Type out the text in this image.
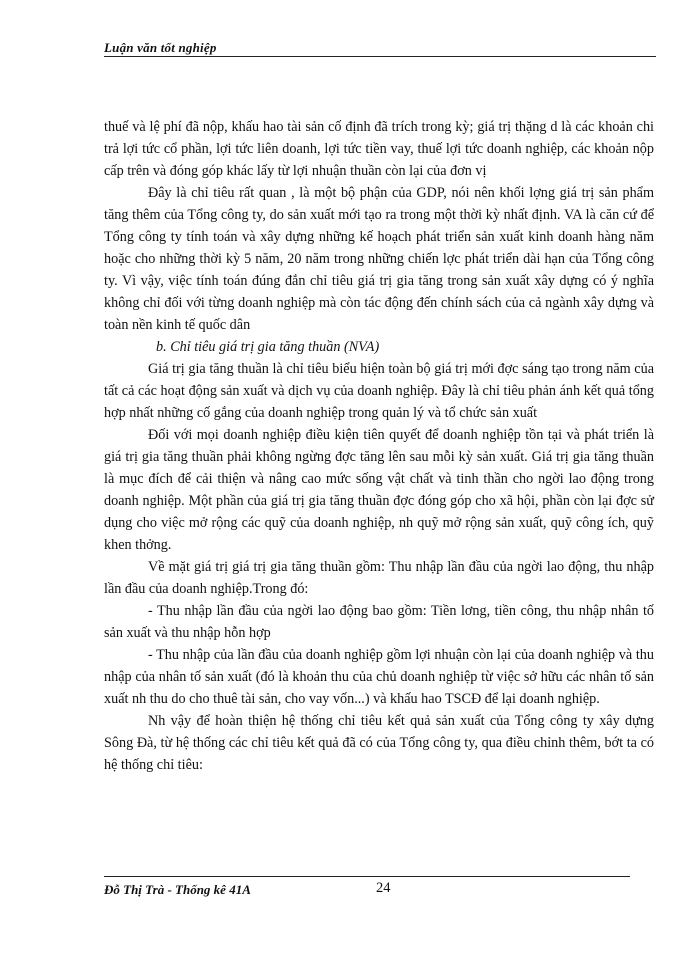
Luận văn tốt nghiệp

thuế và lệ phí đã nộp, khấu hao tài sản cố định đã trích trong kỳ; giá trị thặng d là các khoản chi trả lợi tức cổ phần, lợi tức liên doanh, lợi tức tiền vay, thuế lợi tức doanh nghiệp, các khoản nộp cấp trên và đóng góp khác lấy từ lợi nhuận thuần còn lại của đơn vị

Đây là chỉ tiêu rất quan , là một bộ phận của GDP, nói nên khối lợng giá trị sản phẩm tăng thêm của Tổng công ty, do sản xuất mới tạo ra trong một thời kỳ nhất định. VA là căn cứ để Tổng công ty tính toán và xây dựng những kế hoạch phát triển sản xuất kinh doanh hàng năm hoặc cho những thời kỳ 5 năm, 20 năm trong những chiến lợc phát triển dài hạn của Tổng công ty. Vì vậy, việc tính toán đúng đắn chỉ tiêu giá trị gia tăng trong sản xuất xây dựng có ý nghĩa không chỉ đối với từng doanh nghiệp mà còn tác động đến chính sách của cả ngành xây dựng và toàn nền kinh tế quốc dân

b. Chỉ tiêu giá trị gia tăng thuần (NVA)

Giá trị gia tăng thuần là chỉ tiêu biểu hiện toàn bộ giá trị mới đợc sáng tạo trong năm của tất cả các hoạt động sản xuất và dịch vụ của doanh nghiệp. Đây là chỉ tiêu phản ánh kết quả tổng hợp nhất những cố gắng của doanh nghiệp trong quản lý và tổ chức sản xuất

Đối với mọi doanh nghiệp điều kiện tiên quyết để doanh nghiệp tồn tại và phát triển là giá trị gia tăng thuần phải không ngừng đợc tăng lên sau mỗi kỳ sản xuất. Giá trị gia tăng thuần là mục đích để cải thiện và nâng cao mức sống vật chất và tinh thần cho ngời lao động trong doanh nghiệp. Một phần của giá trị gia tăng thuần đợc đóng góp cho xã hội, phần còn lại đợc sử dụng cho việc mở rộng các quỹ của doanh nghiệp, nh quỹ mở rộng sản xuất, quỹ công ích, quỹ khen thởng.

Về mặt giá trị giá trị gia tăng thuần gồm: Thu nhập lần đầu của ngời lao động, thu nhập lần đầu của doanh nghiệp.Trong đó:

- Thu nhập lần đầu của ngời lao động bao gồm: Tiền lơng, tiền công, thu nhập nhân tố sản xuất và thu nhập hỗn hợp

- Thu nhập của lần đầu của doanh nghiệp gồm lợi nhuận còn lại của doanh nghiệp và thu nhập của nhân tố sản xuất (đó là khoản thu của chủ doanh nghiệp từ việc sở hữu các nhân tố sản xuất nh thu do cho thuê tài sản, cho vay vốn...) và khấu hao TSCĐ để lại doanh nghiệp.

Nh vậy để hoàn thiện hệ thống chỉ tiêu kết quả sản xuất của Tổng công ty xây dựng Sông Đà, từ hệ thống các chỉ tiêu kết quả đã có của Tổng công ty, qua điều chỉnh thêm, bớt ta có hệ thống chỉ tiêu:

Đỗ Thị Trà - Thống kê 41A	24
